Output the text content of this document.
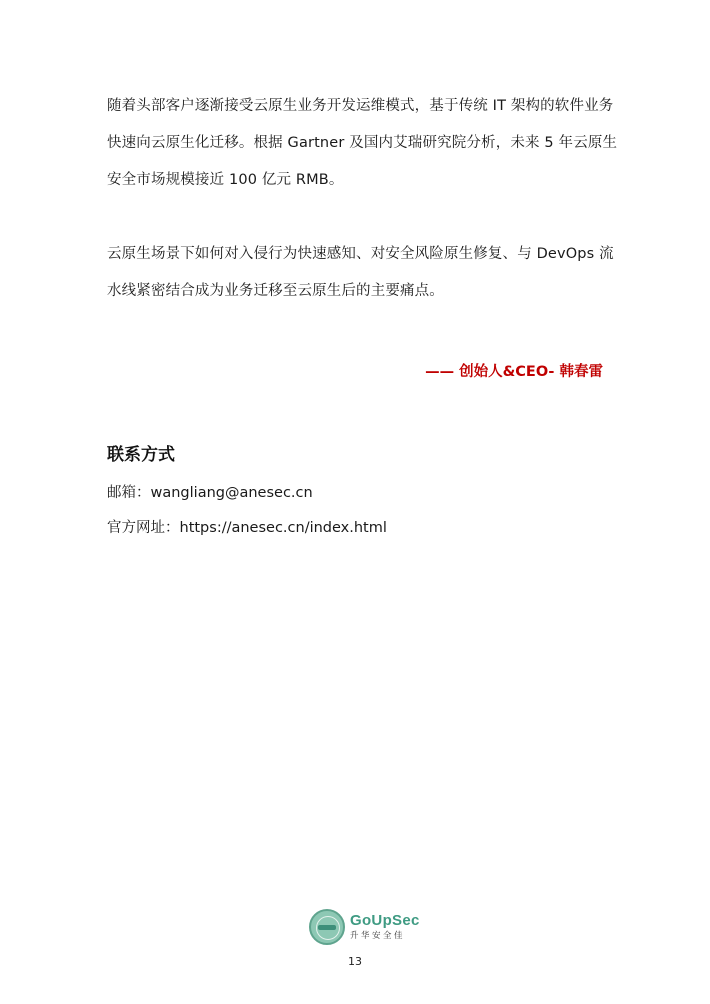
随着头部客户逐渐接受云原生业务开发运维模式，基于传统 IT 架构的软件业务
快速向云原生化迁移。根据 Gartner 及国内艾瑞研究院分析，未来 5 年云原生
安全市场规模接近 100 亿元 RMB。

云原生场景下如何对入侵行为快速感知、对安全风险原生修复、与 DevOps 流
水线紧密结合成为业务迁移至云原生后的主要痛点。

—— 创始人&CEO- 韩春雷
联系方式
邮箱：wangliang@anesec.cn
官方网址：https://anesec.cn/index.html
GoUpSec
升华安全佳
13
